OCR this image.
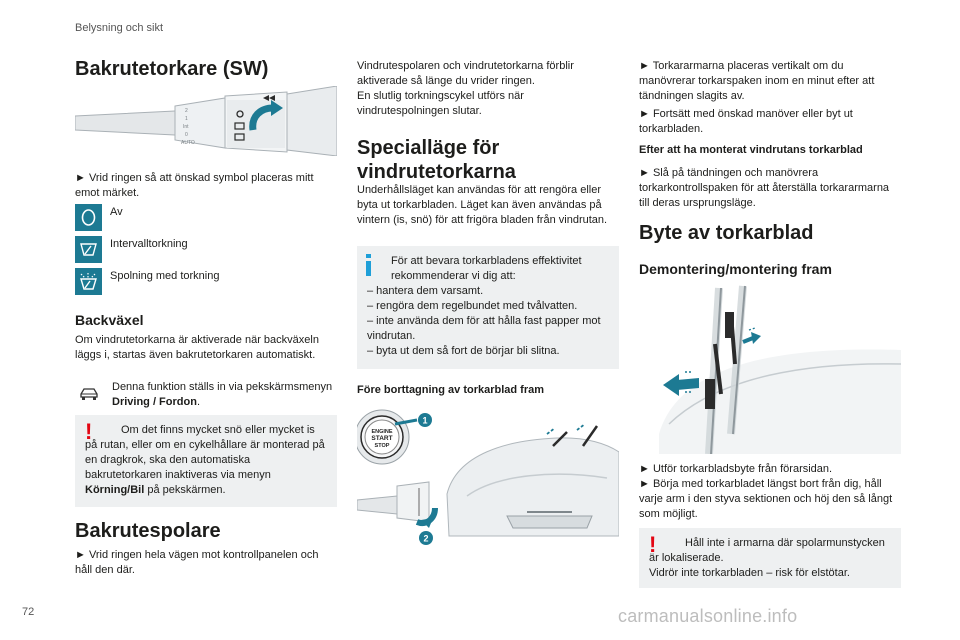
Belysning och sikt
Bakrutetorkare (SW)
2
1
Int
0
AUTO

► Vrid ringen så att önskad symbol placeras mitt emot märket.

Av
Intervalltorkning
Spolning med torkning
Backväxel

Om vindrutetorkarna är aktiverade när backväxeln läggs i, startas även bakrutetorkaren automatiskt.

Denna funktion ställs in via pekskärmsmenyn Driving / Fordon.

!	Om det finns mycket snö eller mycket is på rutan, eller om en cykelhållare är monterad på en dragkrok, ska den automatiska bakrutetorkaren inaktiveras via menyn Körning/Bil på pekskärmen.

Bakrutespolare

► Vrid ringen hela vägen mot kontrollpanelen och håll den där.

Vindrutespolaren och vindrutetorkarna förblir aktiverade så länge du vrider ringen.
En slutlig torkningscykel utförs när vindrutespolningen slutar.

Specialläge för vindrutetorkarna

Underhållsläget kan användas för att rengöra eller byta ut torkarbladen. Läget kan även användas på vintern (is, snö) för att frigöra bladen från vindrutan.

För att bevara torkarbladens effektivitet rekommenderar vi dig att:

– hantera dem varsamt.

– rengöra dem regelbundet med tvålvatten.

– inte använda dem för att hålla fast papper mot vindrutan.

– byta ut dem så fort de börjar bli slitna.

Före borttagning av torkarblad fram
ENGINE
START
STOP
1
2

► Torkararmarna placeras vertikalt om du manövrerar torkarspaken inom en minut efter att tändningen slagits av.

► Fortsätt med önskad manöver eller byt ut torkarbladen.

Efter att ha monterat vindrutans torkarblad

► Slå på tändningen och manövrera torkarkontrollspaken för att återställa torkararmarna till deras ursprungsläge.

Byte av torkarblad
Demontering/montering fram

► Utför torkarbladsbyte från förarsidan.

► Börja med torkarbladet längst bort från dig, håll varje arm i den styva sektionen och höj den så långt som möjligt.

!	Håll inte i armarna där spolarmunstycken är lokaliserade.

Vidrör inte torkarbladen – risk för elstötar.

72	carmanualsonline.info
